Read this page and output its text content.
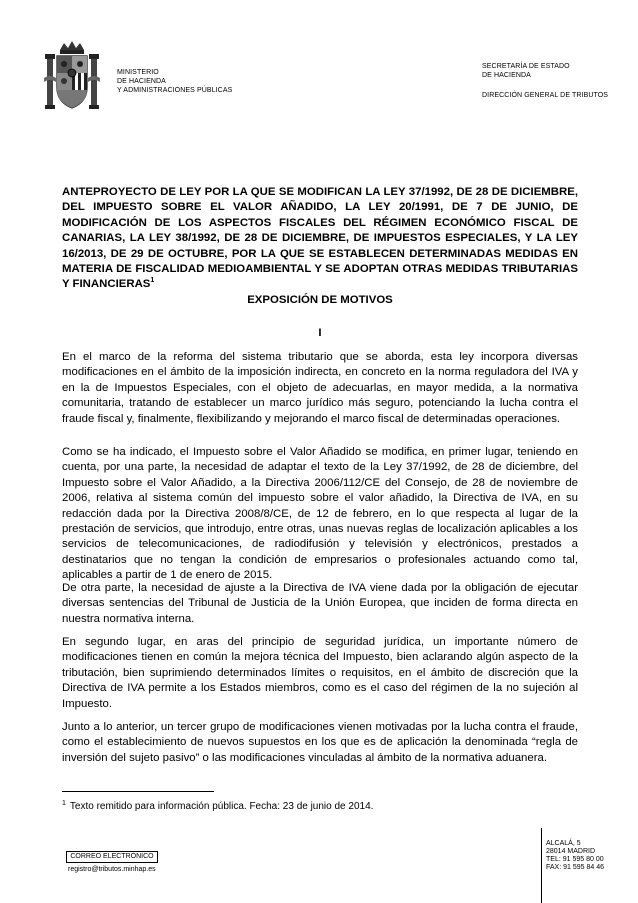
MINISTERIO
DE HACIENDA
Y ADMINISTRACIONES PÚBLICAS
SECRETARÍA DE ESTADO
DE HACIENDA
DIRECCIÓN GENERAL DE TRIBUTOS
ANTEPROYECTO DE LEY POR LA QUE SE MODIFICAN LA LEY 37/1992, DE 28 DE DICIEMBRE, DEL IMPUESTO SOBRE EL VALOR AÑADIDO, LA LEY 20/1991, DE 7 DE JUNIO, DE MODIFICACIÓN DE LOS ASPECTOS FISCALES DEL RÉGIMEN ECONÓMICO FISCAL DE CANARIAS, LA LEY 38/1992, DE 28 DE DICIEMBRE, DE IMPUESTOS ESPECIALES, Y LA LEY 16/2013, DE 29 DE OCTUBRE, POR LA QUE SE ESTABLECEN DETERMINADAS MEDIDAS EN MATERIA DE FISCALIDAD MEDIOAMBIENTAL Y SE ADOPTAN OTRAS MEDIDAS TRIBUTARIAS Y FINANCIERAS$^1$
EXPOSICIÓN DE MOTIVOS
I
En el marco de la reforma del sistema tributario que se aborda, esta ley incorpora diversas modificaciones en el ámbito de la imposición indirecta, en concreto en la norma reguladora del IVA y en la de Impuestos Especiales, con el objeto de adecuarlas, en mayor medida, a la normativa comunitaria, tratando de establecer un marco jurídico más seguro, potenciando la lucha contra el fraude fiscal y, finalmente, flexibilizando y mejorando el marco fiscal de determinadas operaciones.
Como se ha indicado, el Impuesto sobre el Valor Añadido se modifica, en primer lugar, teniendo en cuenta, por una parte, la necesidad de adaptar el texto de la Ley 37/1992, de 28 de diciembre, del Impuesto sobre el Valor Añadido, a la Directiva 2006/112/CE del Consejo, de 28 de noviembre de 2006, relativa al sistema común del impuesto sobre el valor añadido, la Directiva de IVA, en su redacción dada por la Directiva 2008/8/CE, de 12 de febrero, en lo que respecta al lugar de la prestación de servicios, que introdujo, entre otras, unas nuevas reglas de localización aplicables a los servicios de telecomunicaciones, de radiodifusión y televisión y electrónicos, prestados a destinatarios que no tengan la condición de empresarios o profesionales actuando como tal, aplicables a partir de 1 de enero de 2015.
De otra parte, la necesidad de ajuste a la Directiva de IVA viene dada por la obligación de ejecutar diversas sentencias del Tribunal de Justicia de la Unión Europea, que inciden de forma directa en nuestra normativa interna.
En segundo lugar, en aras del principio de seguridad jurídica, un importante número de modificaciones tienen en común la mejora técnica del Impuesto, bien aclarando algún aspecto de la tributación, bien suprimiendo determinados límites o requisitos, en el ámbito de discreción que la Directiva de IVA permite a los Estados miembros, como es el caso del régimen de la no sujeción al Impuesto.
Junto a lo anterior, un tercer grupo de modificaciones vienen motivadas por la lucha contra el fraude, como el establecimiento de nuevos supuestos en los que es de aplicación la denominada “regla de inversión del sujeto pasivo” o las modificaciones vinculadas al ámbito de la normativa aduanera.
$^1$ Texto remitido para información pública. Fecha: 23 de junio de 2014.
CORREO ELECTRÓNICO
registro@tributos.minhap.es
ALCALÁ, 5
28014 MADRID
TEL: 91 595 80 00
FAX: 91 595 84 46
